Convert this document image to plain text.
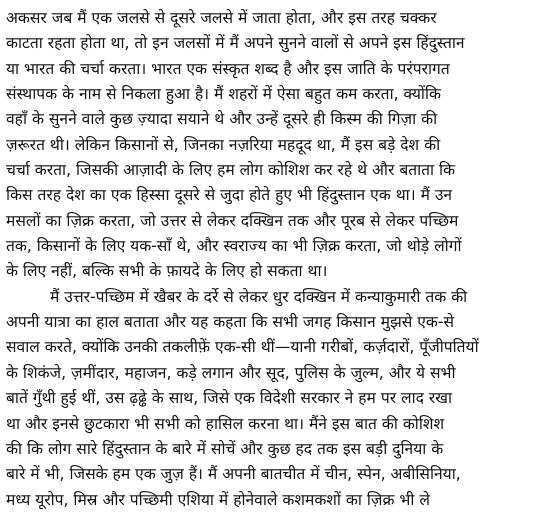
अकसर जब मैं एक जलसे से दूसरे जलसे में जाता होता, और इस तरह चक्कर
काटता रहता होता था, तो इन जलसों में मैं अपने सुनने वालों से अपने इस हिंदुस्तान
या भारत की चर्चा करता। भारत एक संस्कृत शब्द है और इस जाति के परंपरागत
संस्थापक के नाम से निकला हुआ है। मैं शहरों में ऐसा बहुत कम करता, क्योंकि
वहाँ के सुनने वाले कुछ ज़्यादा सयाने थे और उन्हें दूसरे ही किस्म की गिज़ा की
ज़रूरत थी। लेकिन किसानों से, जिनका नज़रिया महदूद था, मैं इस बड़े देश की
चर्चा करता, जिसकी आज़ादी के लिए हम लोग कोशिश कर रहे थे और बताता कि
किस तरह देश का एक हिस्सा दूसरे से जुदा होते हुए भी हिंदुस्तान एक था। मैं उन
मसलों का ज़िक्र करता, जो उत्तर से लेकर दक्खिन तक और पूरब से लेकर पच्छिम
तक, किसानों के लिए यक-साँ थे, और स्वराज्य का भी ज़िक्र करता, जो थोड़े लोगों
के लिए नहीं, बल्कि सभी के फ़ायदे के लिए हो सकता था।
मैं उत्तर-पच्छिम में खैबर के दर्रे से लेकर धुर दक्खिन में कन्याकुमारी तक की
अपनी यात्रा का हाल बताता और यह कहता कि सभी जगह किसान मुझसे एक-से
सवाल करते, क्योंकि उनकी तकलीफ़ें एक-सी थीं—यानी गरीबों, कर्ज़दारों, पूँजीपतियों
के शिकंजे, ज़मींदार, महाजन, कड़े लगान और सूद, पुलिस के जुल्म, और ये सभी
बातें गुँथी हुई थीं, उस ढ़ढ्ढे के साथ, जिसे एक विदेशी सरकार ने हम पर लाद रखा
था और इनसे छुटकारा भी सभी को हासिल करना था। मैंने इस बात की कोशिश
की कि लोग सारे हिंदुस्तान के बारे में सोचें और कुछ हद तक इस बड़ी दुनिया के
बारे में भी, जिसके हम एक जुज़ हैं। मैं अपनी बातचीत में चीन, स्पेन, अबीसिनिया,
मध्य यूरोप, मिस्र और पच्छिमी एशिया में होनेवाले कशमकशों का ज़िक्र भी ले
